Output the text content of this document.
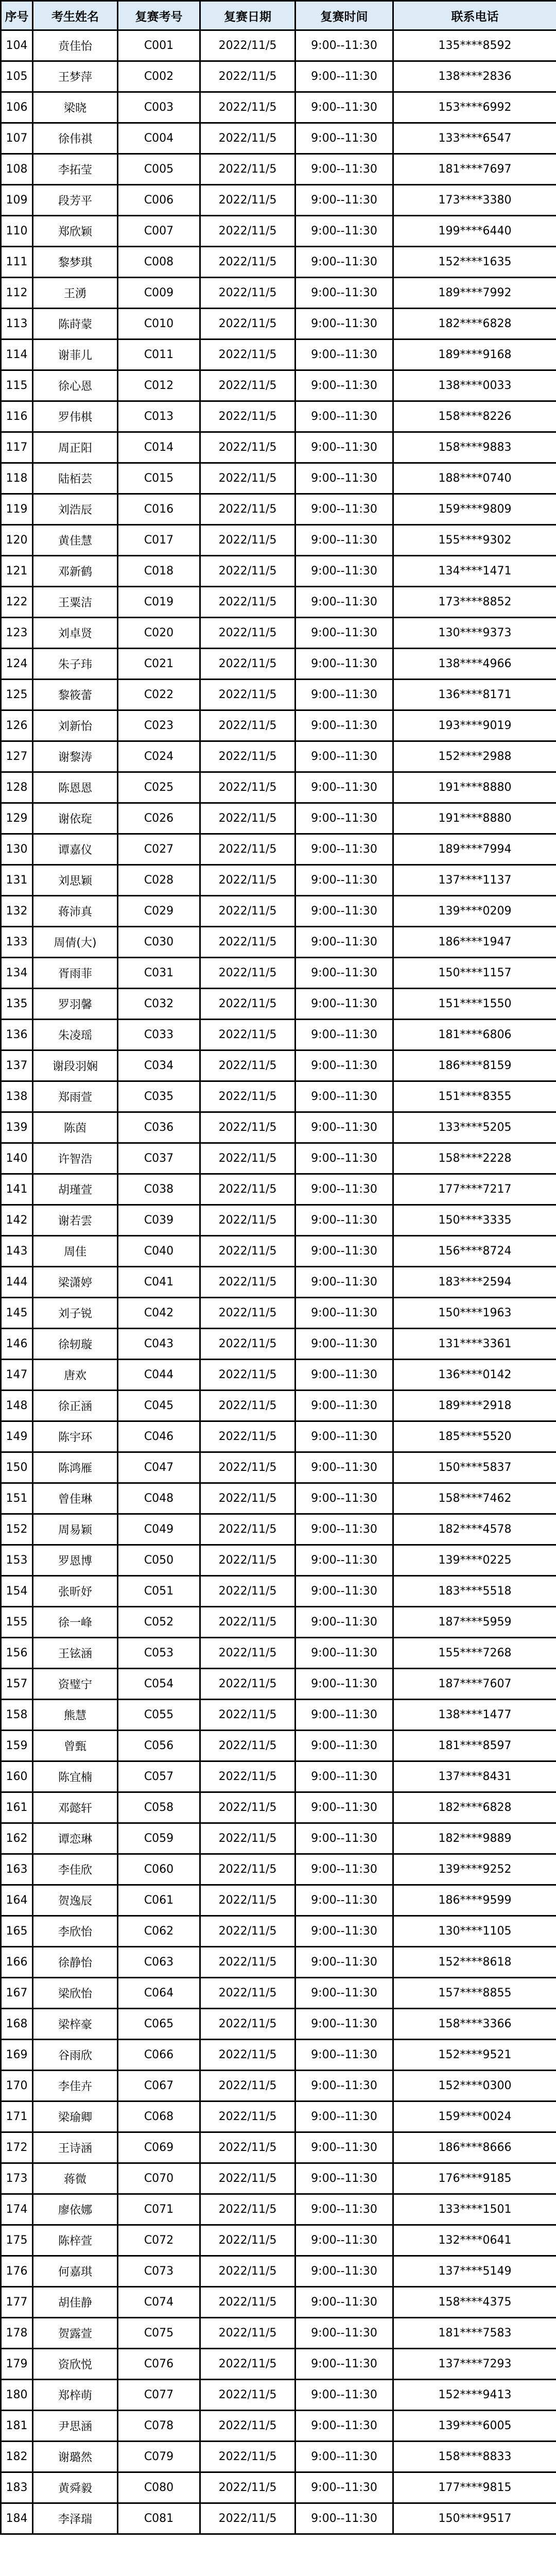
序号	考生姓名	复赛考号	复赛日期	复赛时间	联系电话
104	贲佳怡	C001	2022/11/5	9:00--11:30	135****8592
105	王梦萍	C002	2022/11/5	9:00--11:30	138****2836
106	梁晓	C003	2022/11/5	9:00--11:30	153****6992
107	徐伟祺	C004	2022/11/5	9:00--11:30	133****6547
108	李拓莹	C005	2022/11/5	9:00--11:30	181****7697
109	段芳平	C006	2022/11/5	9:00--11:30	173****3380
110	郑欣颖	C007	2022/11/5	9:00--11:30	199****6440
111	黎梦琪	C008	2022/11/5	9:00--11:30	152****1635
112	王湧	C009	2022/11/5	9:00--11:30	189****7992
113	陈莳蒙	C010	2022/11/5	9:00--11:30	182****6828
114	谢菲儿	C011	2022/11/5	9:00--11:30	189****9168
115	徐心恩	C012	2022/11/5	9:00--11:30	138****0033
116	罗伟棋	C013	2022/11/5	9:00--11:30	158****8226
117	周正阳	C014	2022/11/5	9:00--11:30	158****9883
118	陆栢芸	C015	2022/11/5	9:00--11:30	188****0740
119	刘浩辰	C016	2022/11/5	9:00--11:30	159****9809
120	黄佳慧	C017	2022/11/5	9:00--11:30	155****9302
121	邓新鹤	C018	2022/11/5	9:00--11:30	134****1471
122	王粟洁	C019	2022/11/5	9:00--11:30	173****8852
123	刘卓贤	C020	2022/11/5	9:00--11:30	130****9373
124	朱子玮	C021	2022/11/5	9:00--11:30	138****4966
125	黎筱蕾	C022	2022/11/5	9:00--11:30	136****8171
126	刘新怡	C023	2022/11/5	9:00--11:30	193****9019
127	谢黎涛	C024	2022/11/5	9:00--11:30	152****2988
128	陈恩恩	C025	2022/11/5	9:00--11:30	191****8880
129	谢依琁	C026	2022/11/5	9:00--11:30	191****8880
130	谭嘉仪	C027	2022/11/5	9:00--11:30	189****7994
131	刘思颖	C028	2022/11/5	9:00--11:30	137****1137
132	蒋沛真	C029	2022/11/5	9:00--11:30	139****0209
133	周倩(大)	C030	2022/11/5	9:00--11:30	186****1947
134	胥雨菲	C031	2022/11/5	9:00--11:30	150****1157
135	罗羽馨	C032	2022/11/5	9:00--11:30	151****1550
136	朱凌瑶	C033	2022/11/5	9:00--11:30	181****6806
137	谢段羽娴	C034	2022/11/5	9:00--11:30	186****8159
138	郑雨萱	C035	2022/11/5	9:00--11:30	151****8355
139	陈茵	C036	2022/11/5	9:00--11:30	133****5205
140	许智浩	C037	2022/11/5	9:00--11:30	158****2228
141	胡瑾萱	C038	2022/11/5	9:00--11:30	177****7217
142	谢若雲	C039	2022/11/5	9:00--11:30	150****3335
143	周佳	C040	2022/11/5	9:00--11:30	156****8724
144	梁潇婷	C041	2022/11/5	9:00--11:30	183****2594
145	刘子锐	C042	2022/11/5	9:00--11:30	150****1963
146	徐轫璇	C043	2022/11/5	9:00--11:30	131****3361
147	唐欢	C044	2022/11/5	9:00--11:30	136****0142
148	徐正涵	C045	2022/11/5	9:00--11:30	189****2918
149	陈宇环	C046	2022/11/5	9:00--11:30	185****5520
150	陈鸿雁	C047	2022/11/5	9:00--11:30	150****5837
151	曾佳琳	C048	2022/11/5	9:00--11:30	158****7462
152	周易颖	C049	2022/11/5	9:00--11:30	182****4578
153	罗恩博	C050	2022/11/5	9:00--11:30	139****0225
154	张昕妤	C051	2022/11/5	9:00--11:30	183****5518
155	徐一峰	C052	2022/11/5	9:00--11:30	187****5959
156	王铉涵	C053	2022/11/5	9:00--11:30	155****7268
157	资璧宁	C054	2022/11/5	9:00--11:30	187****7607
158	熊慧	C055	2022/11/5	9:00--11:30	138****1477
159	曾甄	C056	2022/11/5	9:00--11:30	181****8597
160	陈宜楠	C057	2022/11/5	9:00--11:30	137****8431
161	邓懿轩	C058	2022/11/5	9:00--11:30	182****6828
162	谭恋琳	C059	2022/11/5	9:00--11:30	182****9889
163	李佳欣	C060	2022/11/5	9:00--11:30	139****9252
164	贺逸辰	C061	2022/11/5	9:00--11:30	186****9599
165	李欣怡	C062	2022/11/5	9:00--11:30	130****1105
166	徐静怡	C063	2022/11/5	9:00--11:30	152****8618
167	梁欣怡	C064	2022/11/5	9:00--11:30	157****8855
168	梁梓豪	C065	2022/11/5	9:00--11:30	158****3366
169	谷雨欣	C066	2022/11/5	9:00--11:30	152****9521
170	李佳卉	C067	2022/11/5	9:00--11:30	152****0300
171	梁瑜卿	C068	2022/11/5	9:00--11:30	159****0024
172	王诗涵	C069	2022/11/5	9:00--11:30	186****8666
173	蒋微	C070	2022/11/5	9:00--11:30	176****9185
174	廖依娜	C071	2022/11/5	9:00--11:30	133****1501
175	陈梓萱	C072	2022/11/5	9:00--11:30	132****0641
176	何嘉琪	C073	2022/11/5	9:00--11:30	137****5149
177	胡佳静	C074	2022/11/5	9:00--11:30	158****4375
178	贺露萱	C075	2022/11/5	9:00--11:30	181****7583
179	资欣悦	C076	2022/11/5	9:00--11:30	137****7293
180	郑梓萌	C077	2022/11/5	9:00--11:30	152****9413
181	尹思涵	C078	2022/11/5	9:00--11:30	139****6005
182	谢璐然	C079	2022/11/5	9:00--11:30	158****8833
183	黄舜毅	C080	2022/11/5	9:00--11:30	177****9815
184	李泽瑞	C081	2022/11/5	9:00--11:30	150****9517
